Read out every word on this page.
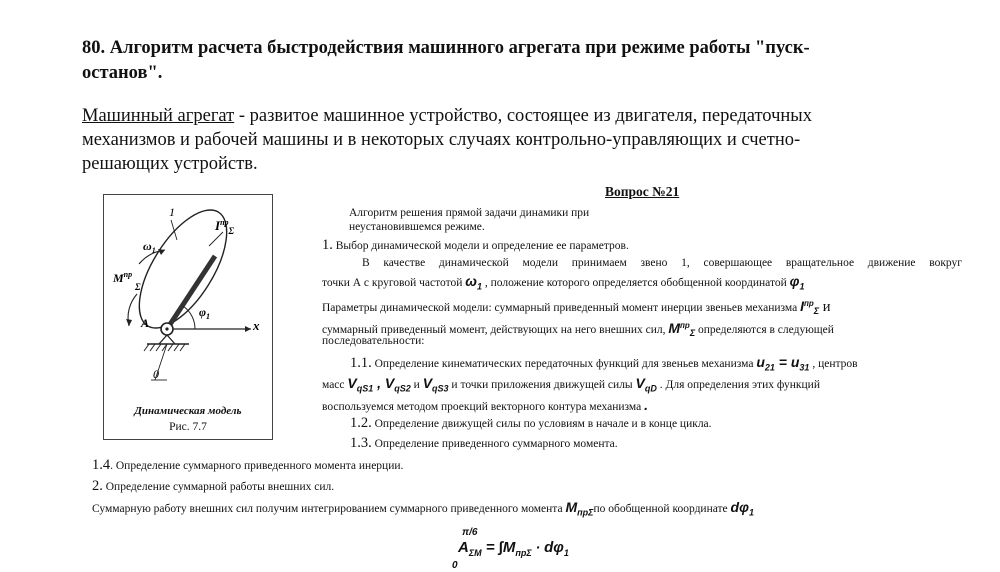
80. Алгоритм расчета быстродействия машинного агрегата при режиме работы "пуск-
останов".
Машинный агрегат - развитое машинное устройство, состоящее из двигателя, передаточных
механизмов и рабочей машины и в некоторых случаях контрольно-управляющих и счетно-
решающих устройств.
1
$I^{пр}_\Sigma$
$\omega_1$
$M^{пр}\Sigma$
A
$\varphi_1$
x
0
Динамическая модель
Рис. 7.7
Вопрос №21
Алгоритм решения прямой задачи динамики при
неустановившемся режиме.
1. Выбор динамической модели и определение ее параметров.
В качестве динамической модели принимаем звено 1, совершающее вращательное движение вокруг
точки А с круговой частотой $\omega_1$ , положение которого определяется обобщенной координатой $\varphi_1$
Параметры динамической модели: суммарный приведенный момент инерции звеньев механизма $I^{пр}_\Sigma$ и
суммарный приведенный момент, действующих на него внешних сил, $M^{пр}_\Sigma$ определяются в следующей
последовательности:
1.1. Определение кинематических передаточных функций для звеньев механизма $u_{21} = u_{31}$ , центров
масс $V_{qS1}$ , $V_{qS2}$ и $V_{qS3}$ и точки приложения движущей силы $V_{qD}$ . Для определения этих функций
воспользуемся методом проекций векторного контура механизма .
1.2. Определение движущей силы по условиям в начале и в конце цикла.
1.3. Определение приведенного суммарного момента.
1.4. Определение суммарного приведенного момента инерции.
2. Определение суммарной работы внешних сил.
Суммарную работу внешних сил получим интегрированием суммарного приведенного момента $M_{пр\Sigma}по$ обобщенной координате $d\varphi_1$
π/6
0
$A_{\Sigma М} = \int M_{пр\Sigma} \cdot d\varphi_1$
